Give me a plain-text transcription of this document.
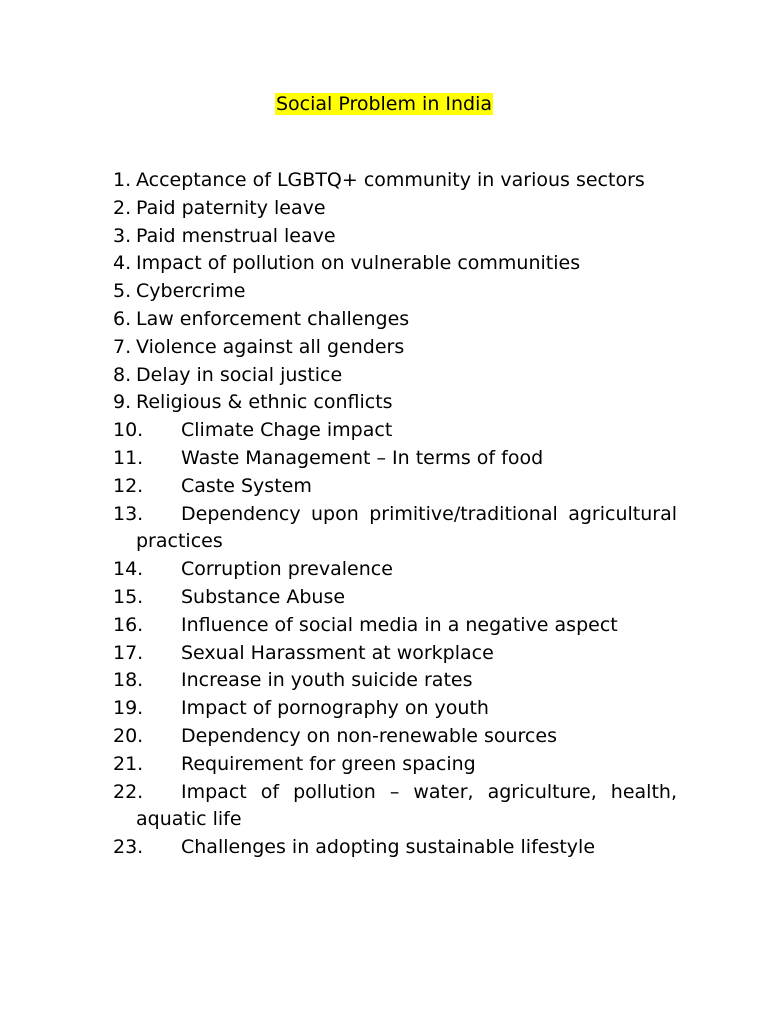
Social Problem in India
1. Acceptance of LGBTQ+ community in various sectors
2. Paid paternity leave
3. Paid menstrual leave
4. Impact of pollution on vulnerable communities
5. Cybercrime
6. Law enforcement challenges
7. Violence against all genders
8. Delay in social justice
9. Religious & ethnic conflicts
10. Climate Chage impact
11. Waste Management – In terms of food
12. Caste System
13. Dependency upon primitive/traditional agricultural practices
14. Corruption prevalence
15. Substance Abuse
16. Influence of social media in a negative aspect
17. Sexual Harassment at workplace
18. Increase in youth suicide rates
19. Impact of pornography on youth
20. Dependency on non-renewable sources
21. Requirement for green spacing
22. Impact of pollution – water, agriculture, health, aquatic life
23. Challenges in adopting sustainable lifestyle
